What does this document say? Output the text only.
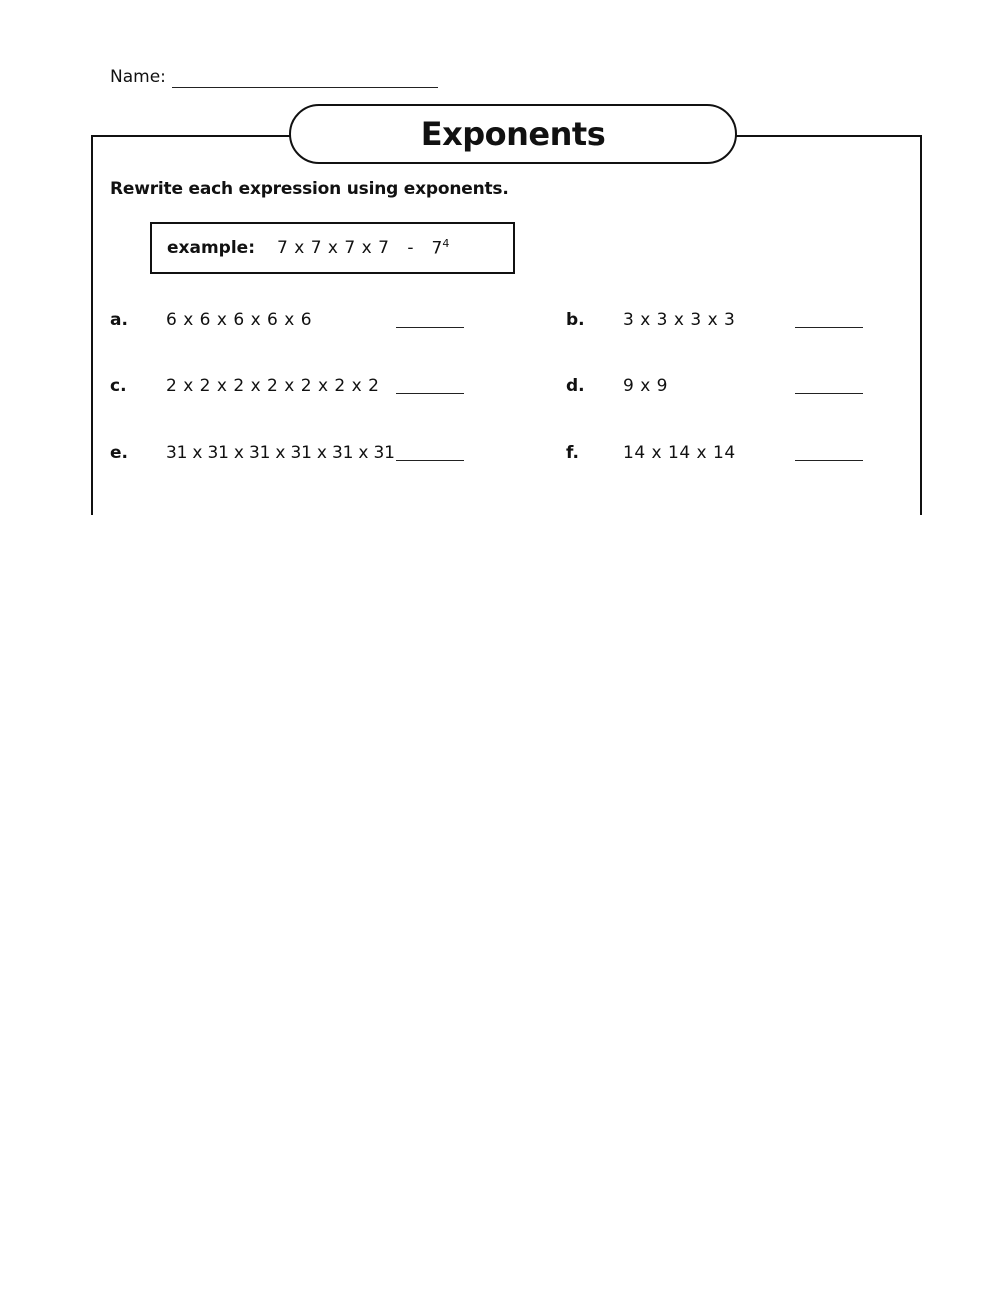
Name:
Exponents
Rewrite each expression using exponents.
example: 7 x 7 x 7 x $7 - 7^4$
a. 6 x 6 x 6 x 6 x 6	b. 3 x 3 x 3 x 3
c. 2 x 2 x 2 x 2 x 2 x 2 x 2	d. 9 x 9
e. 31 x 31 x 31 x 31 x 31 x 31	f.	14 x 14 x 14
